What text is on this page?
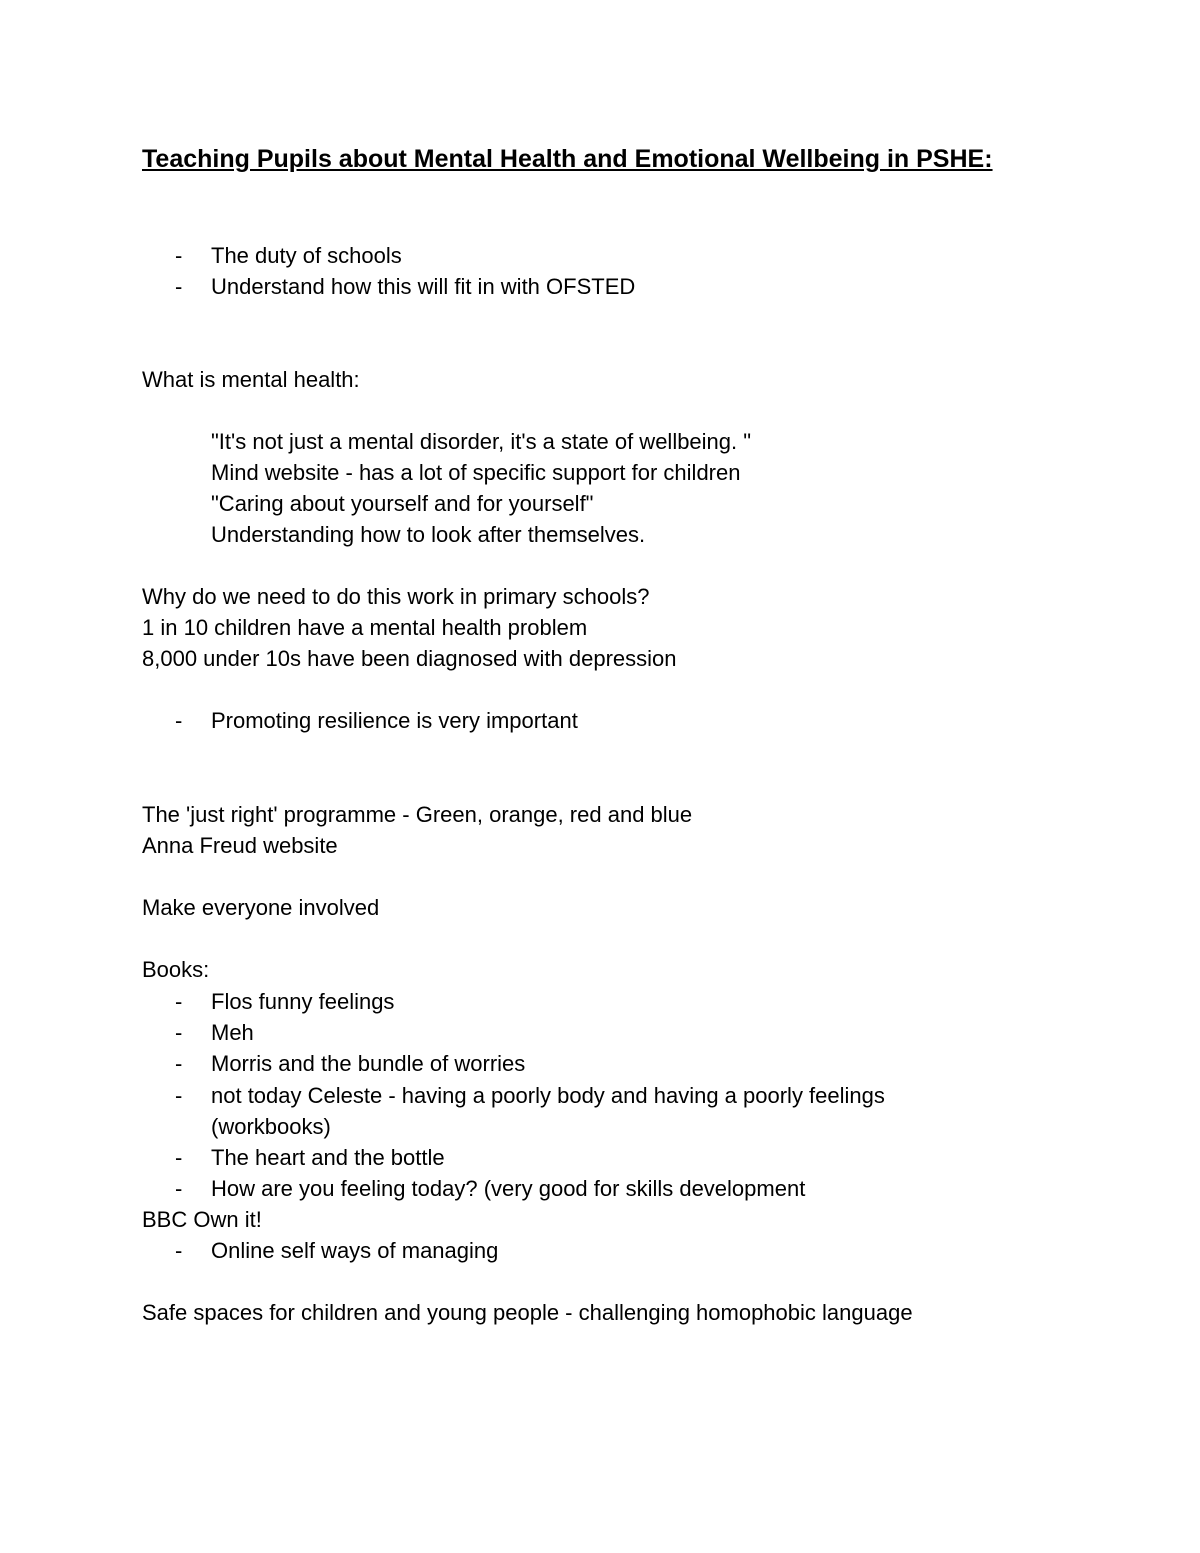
Teaching Pupils about Mental Health and Emotional Wellbeing in PSHE:
- The duty of schools
- Understand how this will fit in with OFSTED
What is mental health:
"It's not just a mental disorder, it's a state of wellbeing. "
Mind website - has a lot of specific support for children
"Caring about yourself and for yourself"
Understanding how to look after themselves.
Why do we need to do this work in primary schools?
1 in 10 children have a mental health problem
8,000 under 10s have been diagnosed with depression
- Promoting resilience is very important
The 'just right' programme - Green, orange, red and blue
Anna Freud website
Make everyone involved
Books:
- Flos funny feelings
- Meh
- Morris and the bundle of worries
- not today Celeste - having a poorly body and having a poorly feelings
(workbooks)
- The heart and the bottle
- How are you feeling today? (very good for skills development
BBC Own it!
- Online self ways of managing
Safe spaces for children and young people - challenging homophobic language
